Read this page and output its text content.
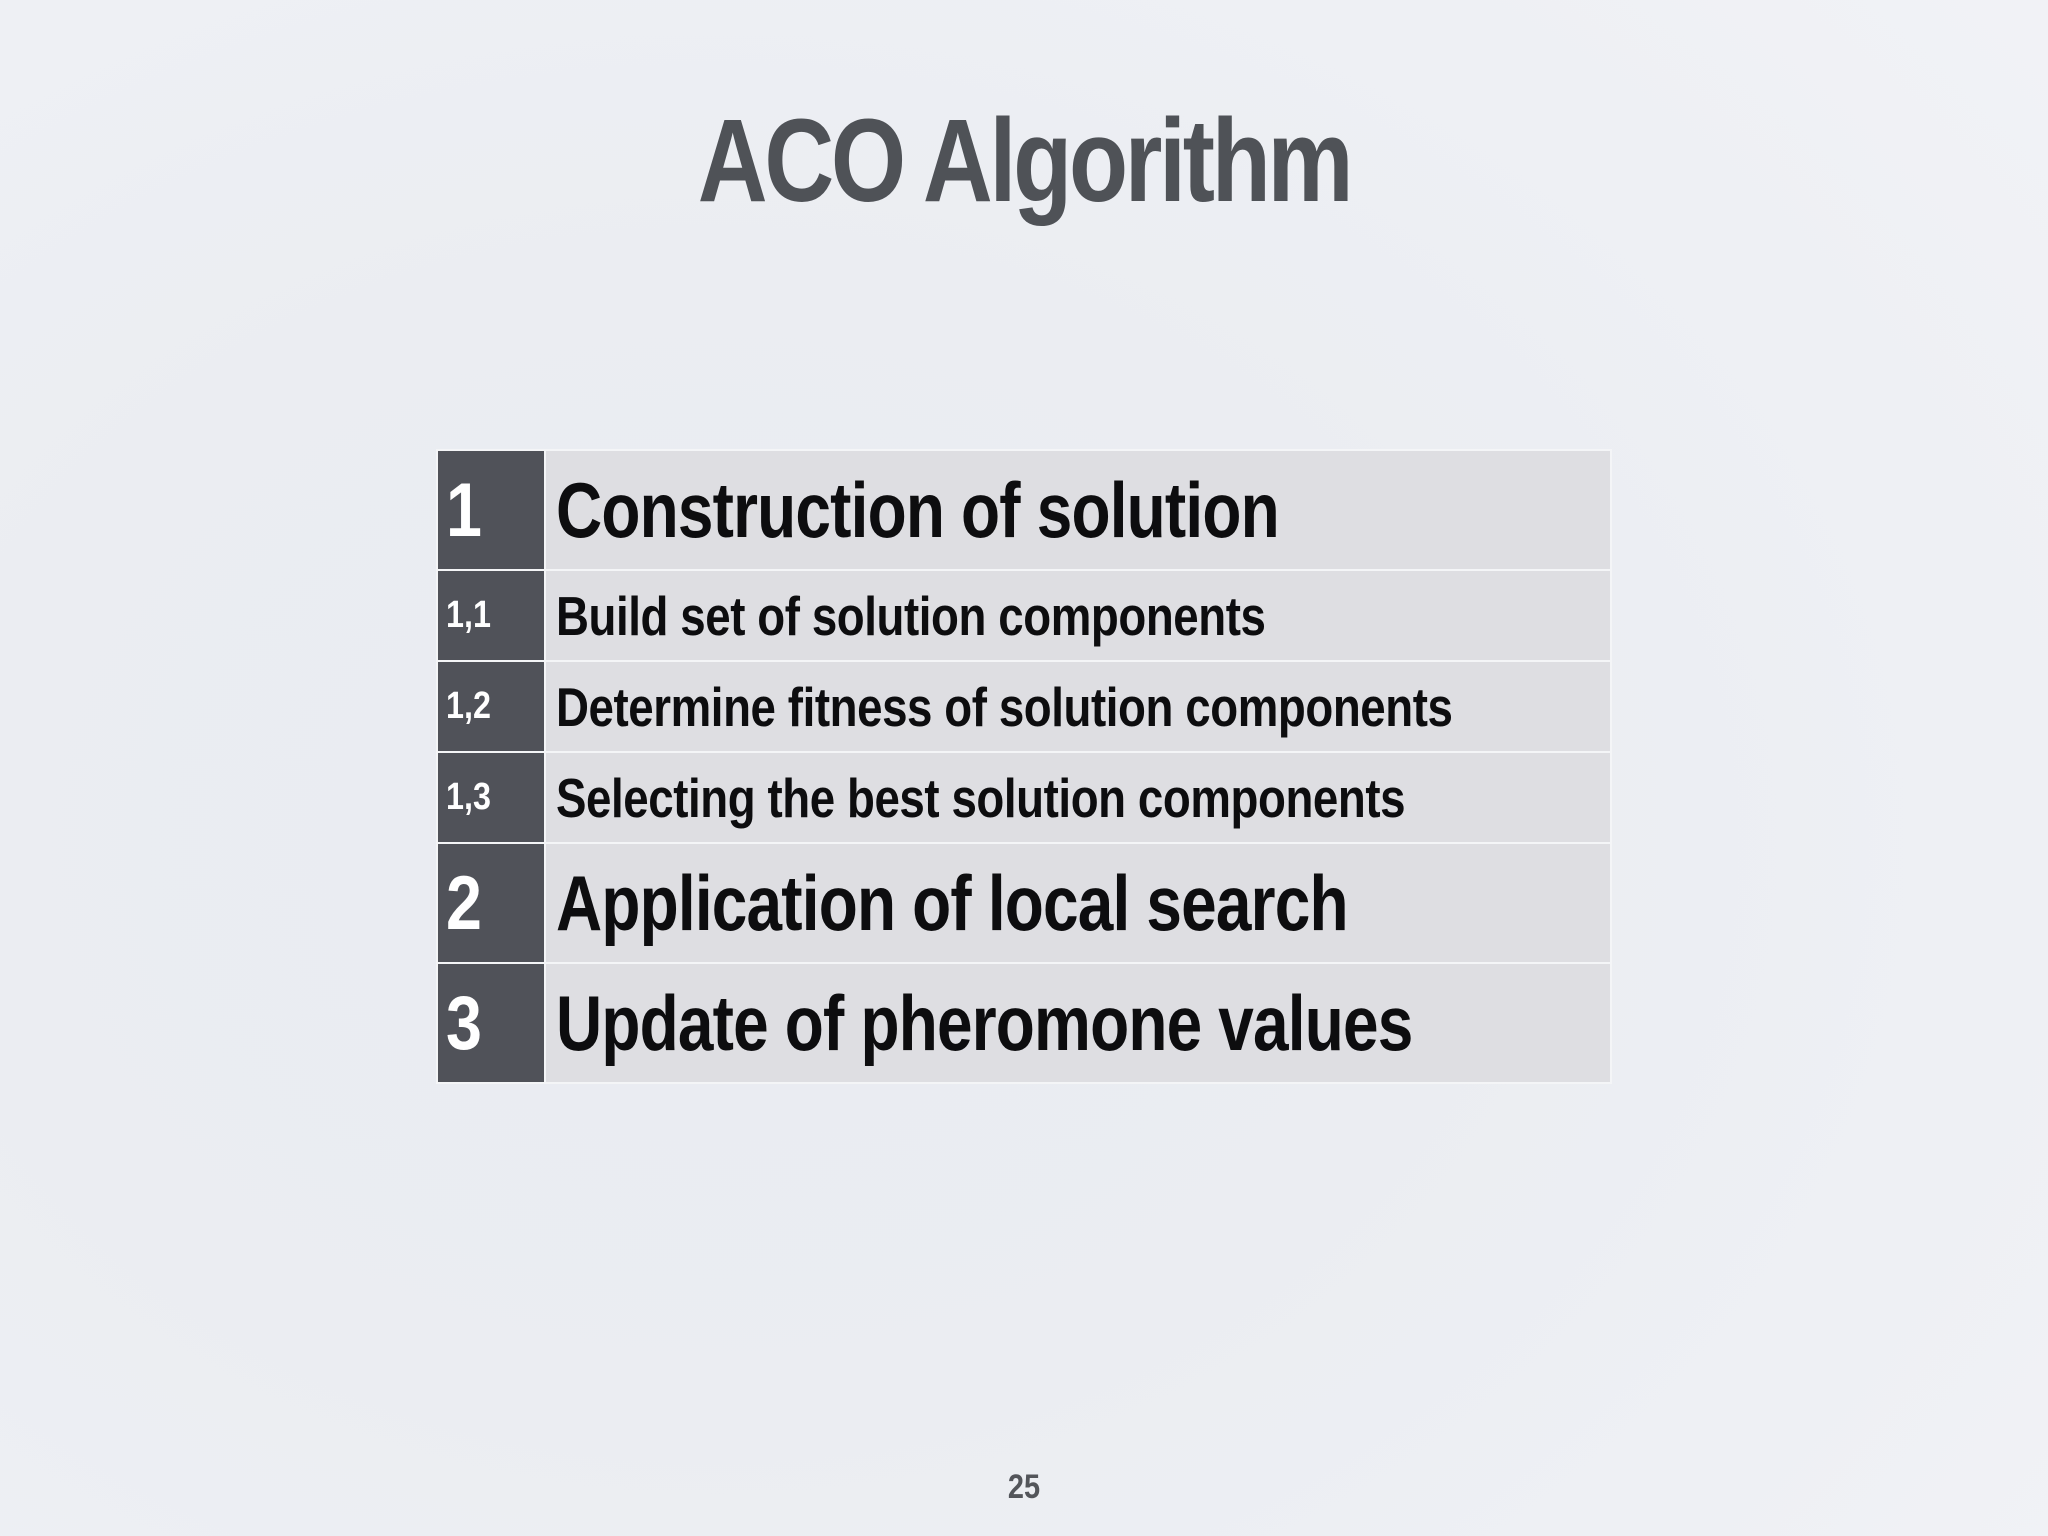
ACO Algorithm
1	Construction of solution
1,1	Build set of solution components
1,2	Determine fitness of solution components
1,3	Selecting the best solution components
2	Application of local search
3	Update of pheromone values
25
